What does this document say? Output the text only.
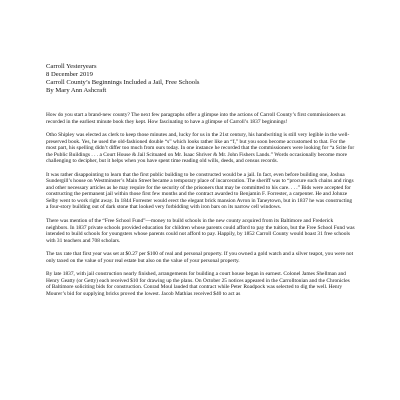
Carroll Yesteryears
8 December 2019
Carroll County’s Beginnings Included a Jail, Free Schools
By Mary Ann Ashcraft

How do you start a brand-new county? The next few paragraphs offer a glimpse into the actions of Carroll County’s first commissioners as recorded in the earliest minute book they kept. How fascinating to have a glimpse of Carroll’s 1837 beginnings!

Otho Shipley was elected as clerk to keep those minutes and, lucky for us in the 21st century, his handwriting is still very legible in the well-preserved book. Yes, he used the old-fashioned double “s” which looks rather like an “f,” but you soon become accustomed to that. For the most part, his spelling didn’t differ too much from ours today. In one instance he recorded that the commissioners were looking for “a Scite for the Public Buildings . . . a Court House & Jail Scituated on Mr. Isaac Shriver & Mr. John Fishers Lands.” Words occasionally become more challenging to decipher, but it helps when you have spent time reading old wills, deeds, and census records.

It was rather disappointing to learn that the first public building to be constructed would be a jail. In fact, even before building one, Joshua Sundergill’s house on Westminster’s Main Street became a temporary place of incarceration. The sheriff was to “procure such chains and rings and other necessary articles as he may require for the security of the prisoners that may be committed to his care. . . .” Bids were accepted for constructing the permanent jail within those first few months and the contract awarded to Benjamin F. Forrester, a carpenter. He and Johnze Selby went to work right away. In 1844 Forrester would erect the elegant brick mansion Avron in Taneytown, but in 1837 he was constructing a four-story building out of dark stone that looked very forbidding with iron bars on its narrow cell windows.

There was mention of the “Free School Fund”—money to build schools in the new county acquired from its Baltimore and Frederick neighbors. In 1837 private schools provided education for children whose parents could afford to pay the tuition, but the Free School Fund was intended to build schools for youngsters whose parents could not afford to pay. Happily, by 1852 Carroll County would boast 31 free schools with 31 teachers and 708 scholars.

The tax rate that first year was set at $0.27 per $100 of real and personal property. If you owned a gold watch and a silver teapot, you were not only taxed on the value of your real estate but also on the value of your personal property.

By late 1837, with jail construction nearly finished, arrangements for building a court house began in earnest. Colonel James Shellman and Henry Geatty (or Getty) each received $10 for drawing up the plans. On October 25 notices appeared in the Carrolltonian and the Chronicles of Baltimore soliciting bids for construction. Conrad Moul lauded that contract while Peter Roadpock was selected to dig the well. Henry Mourer’s bid for supplying bricks proved the lowest. Jacob Mathias received $40 to act as
